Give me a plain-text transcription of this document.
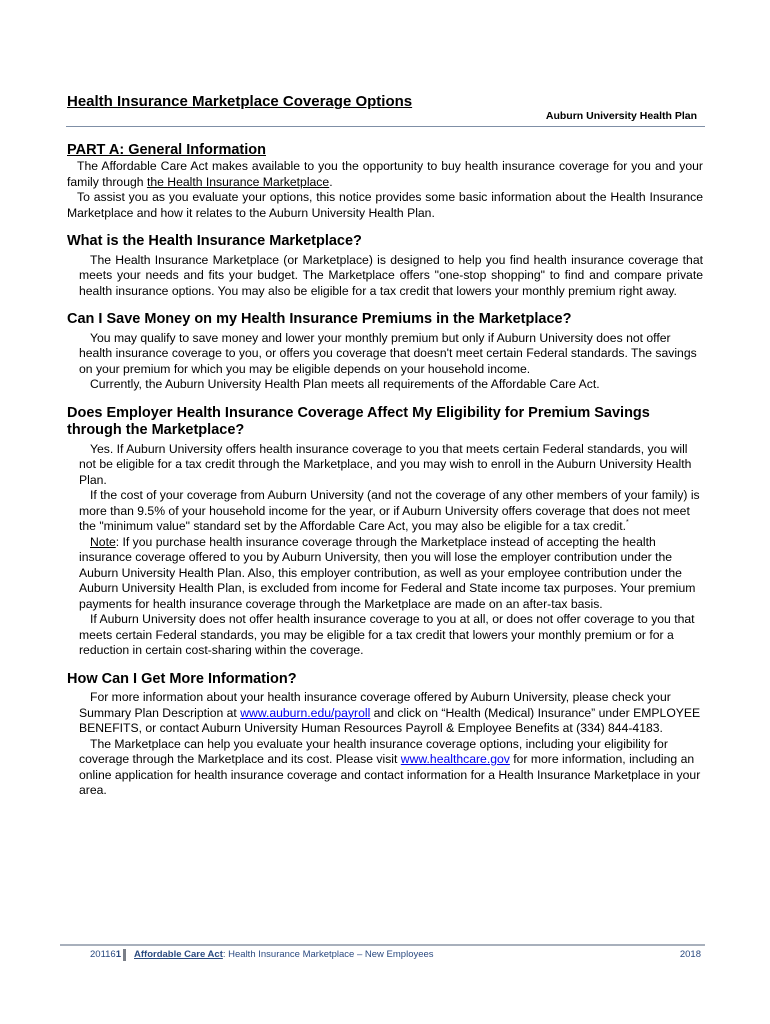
Health Insurance Marketplace Coverage Options
Auburn University Health Plan
PART A: General Information

The Affordable Care Act makes available to you the opportunity to buy health insurance coverage for you and your family through the Health Insurance Marketplace.

To assist you as you evaluate your options, this notice provides some basic information about the Health Insurance Marketplace and how it relates to the Auburn University Health Plan.

What is the Health Insurance Marketplace?

The Health Insurance Marketplace (or Marketplace) is designed to help you find health insurance coverage that meets your needs and fits your budget. The Marketplace offers "one-stop shopping" to find and compare private health insurance options. You may also be eligible for a tax credit that lowers your monthly premium right away.

Can I Save Money on my Health Insurance Premiums in the Marketplace?

You may qualify to save money and lower your monthly premium but only if Auburn University does not offer health insurance coverage to you, or offers you coverage that doesn't meet certain Federal standards. The savings on your premium for which you may be eligible depends on your household income.

Currently, the Auburn University Health Plan meets all requirements of the Affordable Care Act.

Does Employer Health Insurance Coverage Affect My Eligibility for Premium Savings through the Marketplace?

Yes. If Auburn University offers health insurance coverage to you that meets certain Federal standards, you will not be eligible for a tax credit through the Marketplace, and you may wish to enroll in the Auburn University Health Plan.

If the cost of your coverage from Auburn University (and not the coverage of any other members of your family) is more than 9.5% of your household income for the year, or if Auburn University offers coverage that does not meet the "minimum value" standard set by the Affordable Care Act, you may also be eligible for a tax credit.*

Note: If you purchase health insurance coverage through the Marketplace instead of accepting the health insurance coverage offered to you by Auburn University, then you will lose the employer contribution under the Auburn University Health Plan. Also, this employer contribution, as well as your employee contribution under the Auburn University Health Plan, is excluded from income for Federal and State income tax purposes. Your premium payments for health insurance coverage through the Marketplace are made on an after-tax basis.

If Auburn University does not offer health insurance coverage to you at all, or does not offer coverage to you that meets certain Federal standards, you may be eligible for a tax credit that lowers your monthly premium or for a reduction in certain cost-sharing within the coverage.

How Can I Get More Information?

For more information about your health insurance coverage offered by Auburn University, please check your Summary Plan Description at www.auburn.edu/payroll and click on “Health (Medical) Insurance” under EMPLOYEE BENEFITS, or contact Auburn University Human Resources Payroll & Employee Benefits at (334) 844-4183.

The Marketplace can help you evaluate your health insurance coverage options, including your eligibility for coverage through the Marketplace and its cost. Please visit www.healthcare.gov for more information, including an online application for health insurance coverage and contact information for a Health Insurance Marketplace in your area.

201161 Affordable Care Act: Health Insurance Marketplace – New Employees	2018
